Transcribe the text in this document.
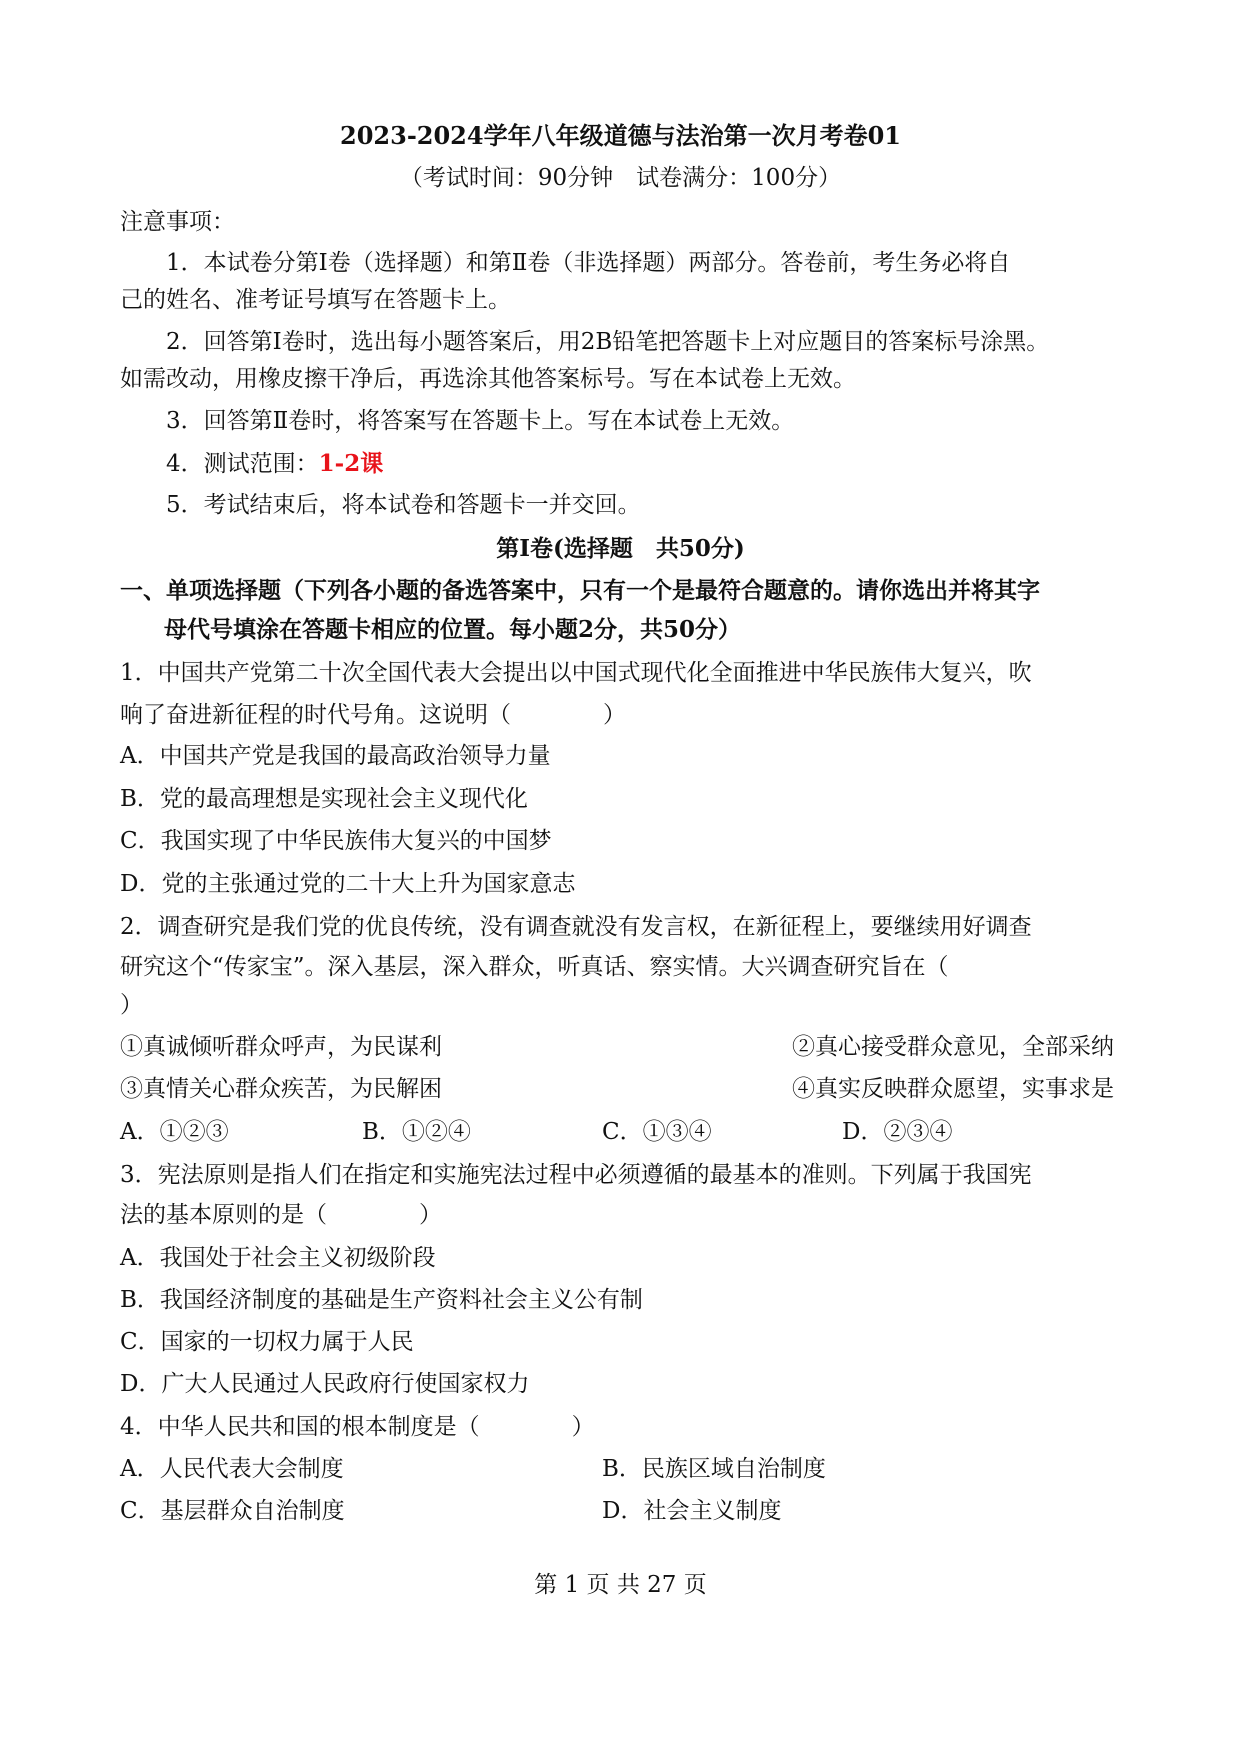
2023-2024学年八年级道德与法治第一次月考卷01
（考试时间：90分钟　试卷满分：100分）
注意事项：
1．本试卷分第Ⅰ卷（选择题）和第Ⅱ卷（非选择题）两部分。答卷前，考生务必将自
己的姓名、准考证号填写在答题卡上。
2．回答第Ⅰ卷时，选出每小题答案后，用2B铅笔把答题卡上对应题目的答案标号涂黑。
如需改动，用橡皮擦干净后，再选涂其他答案标号。写在本试卷上无效。
3．回答第Ⅱ卷时，将答案写在答题卡上。写在本试卷上无效。
4．测试范围：1-2课
5．考试结束后，将本试卷和答题卡一并交回。
第Ⅰ卷(选择题　共50分)
一、单项选择题（下列各小题的备选答案中，只有一个是最符合题意的。请你选出并将其字
母代号填涂在答题卡相应的位置。每小题2分，共50分）
1．中国共产党第二十次全国代表大会提出以中国式现代化全面推进中华民族伟大复兴，吹
响了奋进新征程的时代号角。这说明（　　　　）
A．中国共产党是我国的最高政治领导力量
B．党的最高理想是实现社会主义现代化
C．我国实现了中华民族伟大复兴的中国梦
D．党的主张通过党的二十大上升为国家意志
2．调查研究是我们党的优良传统，没有调查就没有发言权，在新征程上，要继续用好调查
研究这个“传家宝”。深入基层，深入群众，听真话、察实情。大兴调查研究旨在（
）
①真诚倾听群众呼声，为民谋利	②真心接受群众意见，全部采纳
③真情关心群众疾苦，为民解困	④真实反映群众愿望，实事求是
A．①②③	B．①②④	C．①③④	D．②③④
3．宪法原则是指人们在指定和实施宪法过程中必须遵循的最基本的准则。下列属于我国宪
法的基本原则的是（　　　　）
A．我国处于社会主义初级阶段
B．我国经济制度的基础是生产资料社会主义公有制
C．国家的一切权力属于人民
D．广大人民通过人民政府行使国家权力
4．中华人民共和国的根本制度是（　　　　）
A．人民代表大会制度	B．民族区域自治制度
C．基层群众自治制度	D．社会主义制度
第 1 页 共 27 页
